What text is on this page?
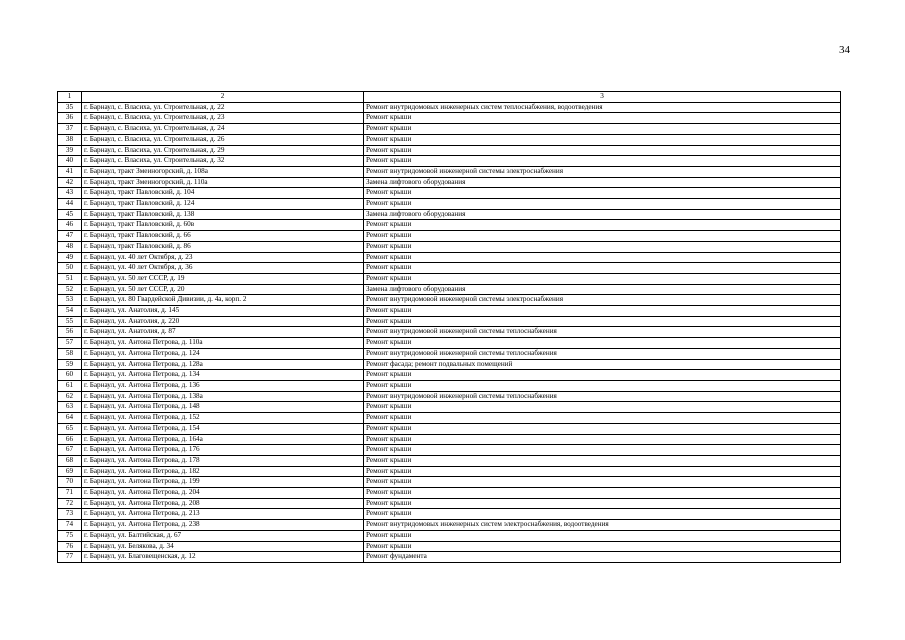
34
1	2	3
35	г. Барнаул, с. Власиха, ул. Строительная, д. 22	Ремонт внутридомовых инженерных систем теплоснабжения, водоотведения
36	г. Барнаул, с. Власиха, ул. Строительная, д. 23	Ремонт крыши
37	г. Барнаул, с. Власиха, ул. Строительная, д. 24	Ремонт крыши
38	г. Барнаул, с. Власиха, ул. Строительная, д. 26	Ремонт крыши
39	г. Барнаул, с. Власиха, ул. Строительная, д. 29	Ремонт крыши
40	г. Барнаул, с. Власиха, ул. Строительная, д. 32	Ремонт крыши
41	г. Барнаул, тракт Змеиногорский, д. 108а	Ремонт внутридомовой инженерной системы электроснабжения
42	г. Барнаул, тракт Змеиногорский, д. 110а	Замена лифтового оборудования
43	г. Барнаул, тракт Павловский, д. 104	Ремонт крыши
44	г. Барнаул, тракт Павловский, д. 124	Ремонт крыши
45	г. Барнаул, тракт Павловский, д. 138	Замена лифтового оборудования
46	г. Барнаул, тракт Павловский, д. 60в	Ремонт крыши
47	г. Барнаул, тракт Павловский, д. 66	Ремонт крыши
48	г. Барнаул, тракт Павловский, д. 86	Ремонт крыши
49	г. Барнаул, ул. 40 лет Октября, д. 23	Ремонт крыши
50	г. Барнаул, ул. 40 лет Октября, д. 36	Ремонт крыши
51	г. Барнаул, ул. 50 лет СССР, д. 19	Ремонт крыши
52	г. Барнаул, ул. 50 лет СССР, д. 20	Замена лифтового оборудования
53	г. Барнаул, ул. 80 Гвардейской Дивизии, д. 4а, корп. 2	Ремонт внутридомовой инженерной системы электроснабжения
54	г. Барнаул, ул. Анатолия, д. 145	Ремонт крыши
55	г. Барнаул, ул. Анатолия, д. 220	Ремонт крыши
56	г. Барнаул, ул. Анатолия, д. 87	Ремонт внутридомовой инженерной системы теплоснабжения
57	г. Барнаул, ул. Антона Петрова, д. 110а	Ремонт крыши
58	г. Барнаул, ул. Антона Петрова, д. 124	Ремонт внутридомовой инженерной системы теплоснабжения
59	г. Барнаул, ул. Антона Петрова, д. 128а	Ремонт фасада; ремонт подвальных помещений
60	г. Барнаул, ул. Антона Петрова, д. 134	Ремонт крыши
61	г. Барнаул, ул. Антона Петрова, д. 136	Ремонт крыши
62	г. Барнаул, ул. Антона Петрова, д. 138а	Ремонт внутридомовой инженерной системы теплоснабжения
63	г. Барнаул, ул. Антона Петрова, д. 148	Ремонт крыши
64	г. Барнаул, ул. Антона Петрова, д. 152	Ремонт крыши
65	г. Барнаул, ул. Антона Петрова, д. 154	Ремонт крыши
66	г. Барнаул, ул. Антона Петрова, д. 164а	Ремонт крыши
67	г. Барнаул, ул. Антона Петрова, д. 176	Ремонт крыши
68	г. Барнаул, ул. Антона Петрова, д. 178	Ремонт крыши
69	г. Барнаул, ул. Антона Петрова, д. 182	Ремонт крыши
70	г. Барнаул, ул. Антона Петрова, д. 199	Ремонт крыши
71	г. Барнаул, ул. Антона Петрова, д. 204	Ремонт крыши
72	г. Барнаул, ул. Антона Петрова, д. 208	Ремонт крыши
73	г. Барнаул, ул. Антона Петрова, д. 213	Ремонт крыши
74	г. Барнаул, ул. Антона Петрова, д. 238	Ремонт внутридомовых инженерных систем электроснабжения, водоотведения
75	г. Барнаул, ул. Балтийская, д. 67	Ремонт крыши
76	г. Барнаул, ул. Белякова, д. 34	Ремонт крыши
77	г. Барнаул, ул. Благовещенская, д. 12	Ремонт фундамента
